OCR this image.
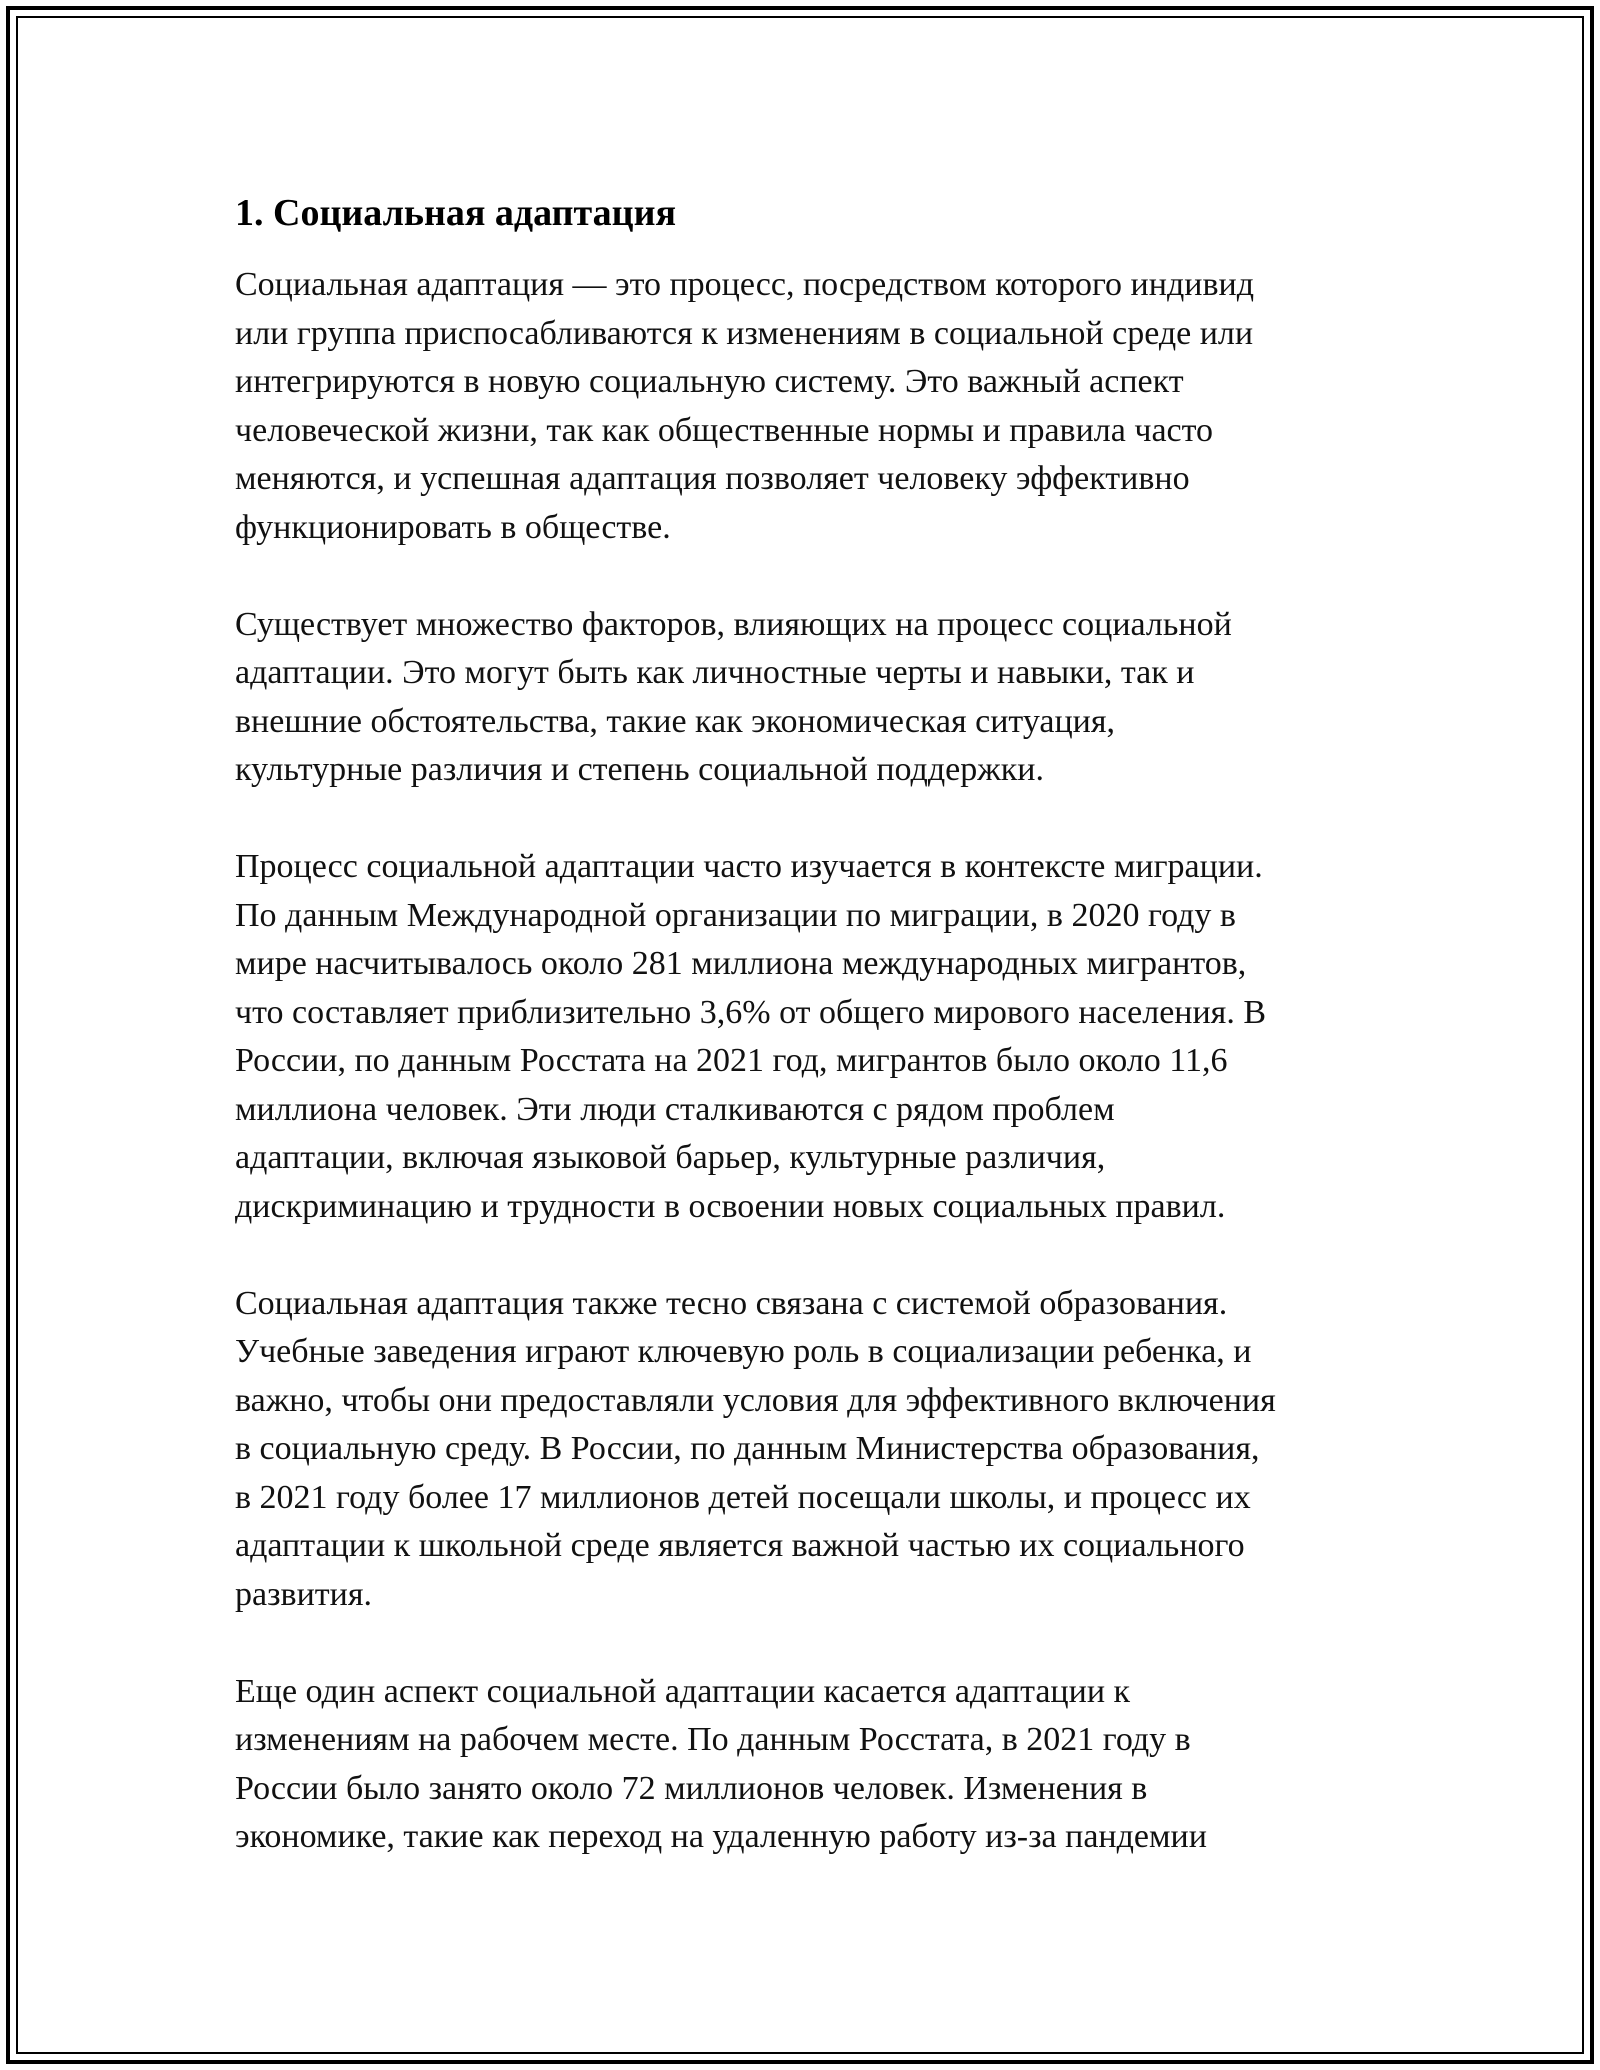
1. Социальная адаптация

Социальная адаптация — это процесс, посредством которого индивид
или группа приспосабливаются к изменениям в социальной среде или
интегрируются в новую социальную систему. Это важный аспект
человеческой жизни, так как общественные нормы и правила часто
меняются, и успешная адаптация позволяет человеку эффективно
функционировать в обществе.

Существует множество факторов, влияющих на процесс социальной
адаптации. Это могут быть как личностные черты и навыки, так и
внешние обстоятельства, такие как экономическая ситуация,
культурные различия и степень социальной поддержки.

Процесс социальной адаптации часто изучается в контексте миграции.
По данным Международной организации по миграции, в 2020 году в
мире насчитывалось около 281 миллиона международных мигрантов,
что составляет приблизительно 3,6% от общего мирового населения. В
России, по данным Росстата на 2021 год, мигрантов было около 11,6
миллиона человек. Эти люди сталкиваются с рядом проблем
адаптации, включая языковой барьер, культурные различия,
дискриминацию и трудности в освоении новых социальных правил.

Социальная адаптация также тесно связана с системой образования.
Учебные заведения играют ключевую роль в социализации ребенка, и
важно, чтобы они предоставляли условия для эффективного включения
в социальную среду. В России, по данным Министерства образования,
в 2021 году более 17 миллионов детей посещали школы, и процесс их
адаптации к школьной среде является важной частью их социального
развития.

Еще один аспект социальной адаптации касается адаптации к
изменениям на рабочем месте. По данным Росстата, в 2021 году в
России было занято около 72 миллионов человек. Изменения в
экономике, такие как переход на удаленную работу из-за пандемии
